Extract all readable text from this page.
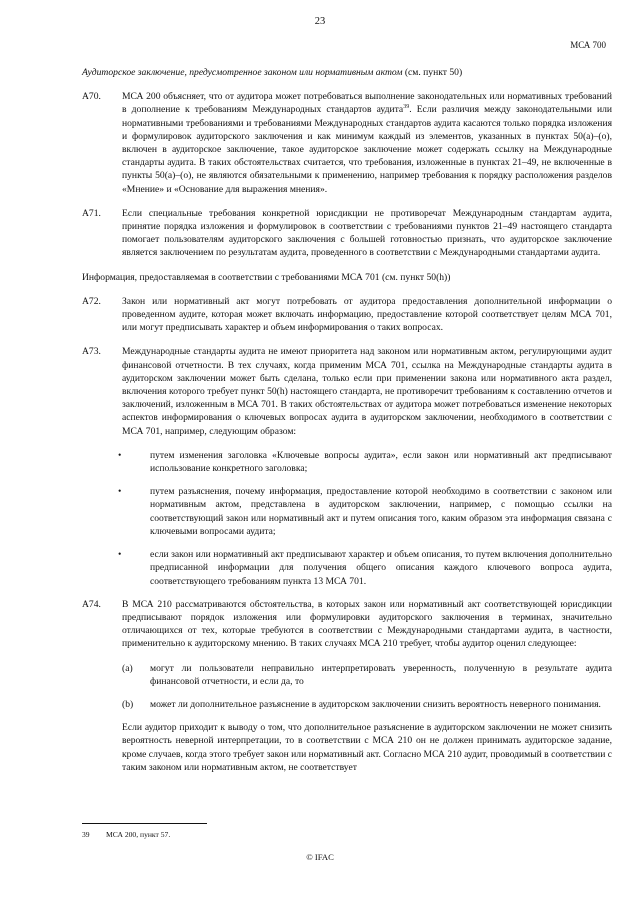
23
МСА 700

Аудиторское заключение, предусмотренное законом или нормативным актом (см. пункт 50)

A70. МСА 200 объясняет, что от аудитора может потребоваться выполнение законодательных или нормативных требований в дополнение к требованиям Международных стандартов аудита$^{39}$. Если различия между законодательными или нормативными требованиями и требованиями Международных стандартов аудита касаются только порядка изложения и формулировок аудиторского заключения и как минимум каждый из элементов, указанных в пунктах 50(a)–(о), включен в аудиторское заключение, такое аудиторское заключение может содержать ссылку на Международные стандарты аудита. В таких обстоятельствах считается, что требования, изложенные в пунктах 21–49, не включенные в пункты 50(a)–(о), не являются обязательными к применению, например требования к порядку расположения разделов «Мнение» и «Основание для выражения мнения».
A71. Если специальные требования конкретной юрисдикции не противоречат Международным стандартам аудита, принятие порядка изложения и формулировок в соответствии с требованиями пунктов 21–49 настоящего стандарта помогает пользователям аудиторского заключения с большей готовностью признать, что аудиторское заключение является заключением по результатам аудита, проведенного в соответствии с Международными стандартами аудита.

Информация, предоставляемая в соответствии с требованиями МСА 701 (см. пункт 50(h))

A72. Закон или нормативный акт могут потребовать от аудитора предоставления дополнительной информации о проведенном аудите, которая может включать информацию, предоставление которой соответствует целям МСА 701, или могут предписывать характер и объем информирования о таких вопросах.
A73. Международные стандарты аудита не имеют приоритета над законом или нормативным актом, регулирующими аудит финансовой отчетности. В тех случаях, когда применим МСА 701, ссылка на Международные стандарты аудита в аудиторском заключении может быть сделана, только если при применении закона или нормативного акта раздел, включения которого требует пункт 50(h) настоящего стандарта, не противоречит требованиям к составлению отчетов и заключений, изложенным в МСА 701. В таких обстоятельствах от аудитора может потребоваться изменение некоторых аспектов информирования о ключевых вопросах аудита в аудиторском заключении, необходимого в соответствии с МСА 701, например, следующим образом:
•	путем изменения заголовка «Ключевые вопросы аудита», если закон или нормативный акт предписывают использование конкретного заголовка;
•	путем разъяснения, почему информация, предоставление которой необходимо в соответствии с законом или нормативным актом, представлена в аудиторском заключении, например, с помощью ссылки на соответствующий закон или нормативный акт и путем описания того, каким образом эта информация связана с ключевыми вопросами аудита;
•	если закон или нормативный акт предписывают характер и объем описания, то путем включения дополнительно предписанной информации для получения общего описания каждого ключевого вопроса аудита, соответствующего требованиям пункта 13 МСА 701.
A74. В МСА 210 рассматриваются обстоятельства, в которых закон или нормативный акт соответствующей юрисдикции предписывают порядок изложения или формулировки аудиторского заключения в терминах, значительно отличающихся от тех, которые требуются в соответствии с Международными стандартами аудита, в частности, применительно к аудиторскому мнению. В таких случаях МСА 210 требует, чтобы аудитор оценил следующее:
(a) могут ли пользователи неправильно интерпретировать уверенность, полученную в результате аудита финансовой отчетности, и если да, то
(b) может ли дополнительное разъяснение в аудиторском заключении снизить вероятность неверного понимания.

Если аудитор приходит к выводу о том, что дополнительное разъяснение в аудиторском заключении не может снизить вероятность неверной интерпретации, то в соответствии с МСА 210 он не должен принимать аудиторское задание, кроме случаев, когда этого требует закон или нормативный акт. Согласно МСА 210 аудит, проводимый в соответствии с таким законом или нормативным актом, не соответствует

39 МСА 200, пункт 57.
© IFAC
